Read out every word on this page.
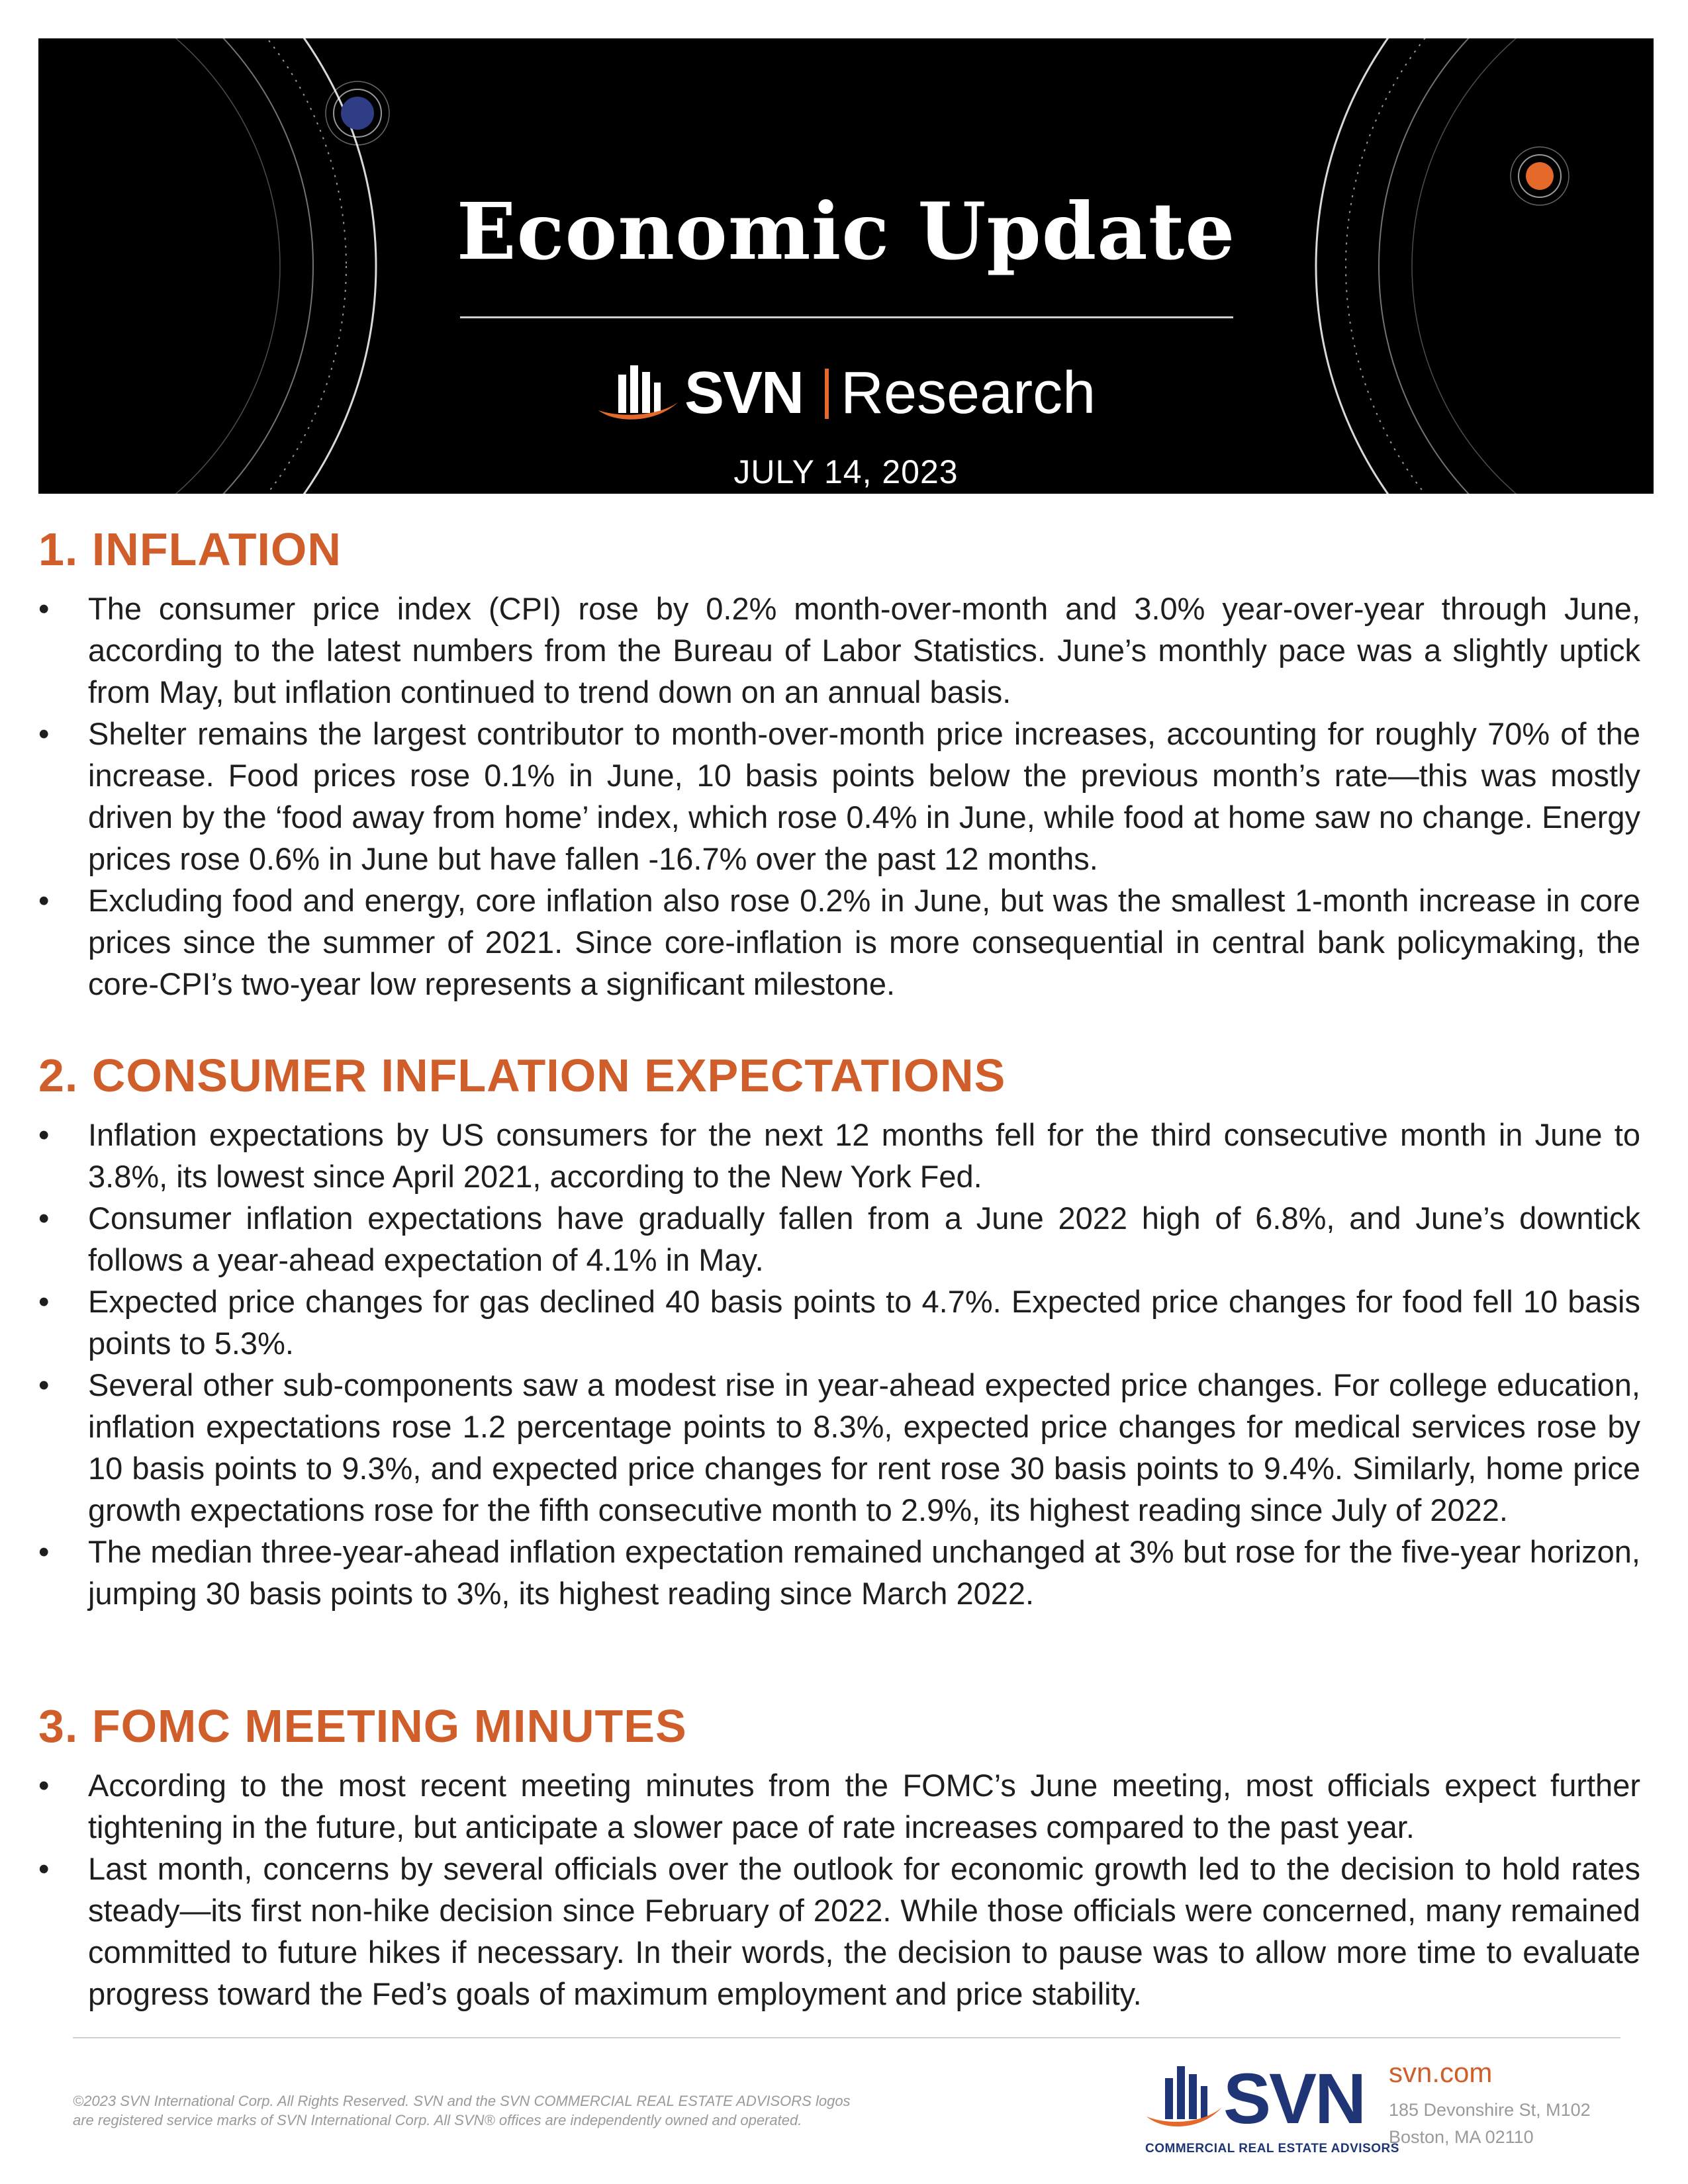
Economic Update
SVN Research
JULY 14, 2023
1. INFLATION
• The consumer price index (CPI) rose by 0.2% month-over-month and 3.0% year-over-year through June, according to the latest numbers from the Bureau of Labor Statistics. June’s monthly pace was a slightly uptick from May, but inflation continued to trend down on an annual basis.
• Shelter remains the largest contributor to month-over-month price increases, accounting for roughly 70% of the increase. Food prices rose 0.1% in June, 10 basis points below the previous month’s rate—this was mostly driven by the ‘food away from home’ index, which rose 0.4% in June, while food at home saw no change. Energy prices rose 0.6% in June but have fallen -16.7% over the past 12 months.
• Excluding food and energy, core inflation also rose 0.2% in June, but was the smallest 1-month increase in core prices since the summer of 2021. Since core-inflation is more consequential in central bank policymaking, the core-CPI’s two-year low represents a significant milestone.
2. CONSUMER INFLATION EXPECTATIONS
• Inflation expectations by US consumers for the next 12 months fell for the third consecutive month in June to 3.8%, its lowest since April 2021, according to the New York Fed.
• Consumer inflation expectations have gradually fallen from a June 2022 high of 6.8%, and June’s downtick follows a year-ahead expectation of 4.1% in May.
• Expected price changes for gas declined 40 basis points to 4.7%. Expected price changes for food fell 10 basis points to 5.3%.
• Several other sub-components saw a modest rise in year-ahead expected price changes. For college education, inflation expectations rose 1.2 percentage points to 8.3%, expected price changes for medical services rose by 10 basis points to 9.3%, and expected price changes for rent rose 30 basis points to 9.4%. Similarly, home price growth expectations rose for the fifth consecutive month to 2.9%, its highest reading since July of 2022.
• The median three-year-ahead inflation expectation remained unchanged at 3% but rose for the five-year horizon, jumping 30 basis points to 3%, its highest reading since March 2022.
3. FOMC MEETING MINUTES
• According to the most recent meeting minutes from the FOMC’s June meeting, most officials expect further tightening in the future, but anticipate a slower pace of rate increases compared to the past year.
• Last month, concerns by several officials over the outlook for economic growth led to the decision to hold rates steady—its first non-hike decision since February of 2022. While those officials were concerned, many remained committed to future hikes if necessary. In their words, the decision to pause was to allow more time to evaluate progress toward the Fed’s goals of maximum employment and price stability.
©2023 SVN International Corp. All Rights Reserved. SVN and the SVN COMMERCIAL REAL ESTATE ADVISORS logos
are registered service marks of SVN International Corp. All SVN® offices are independently owned and operated.	SVN
COMMERCIAL REAL ESTATE ADVISORS
svn.com
185 Devonshire St, M102
Boston, MA 02110
